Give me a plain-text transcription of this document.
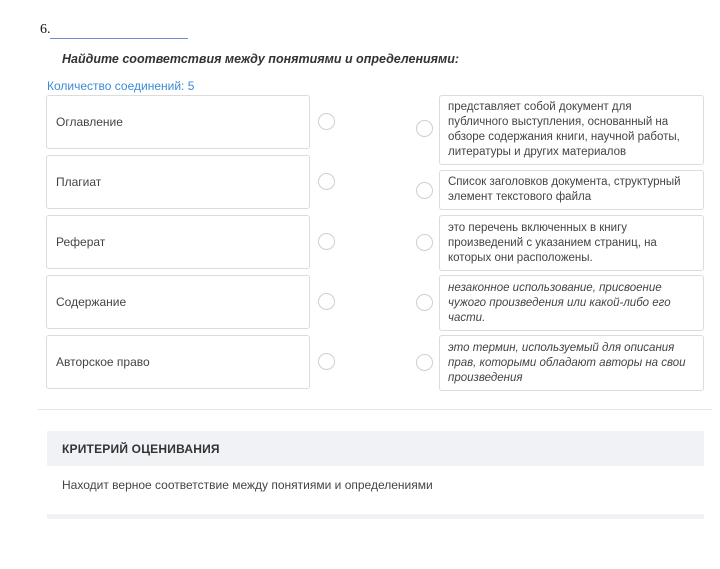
6.
Найдите соответствия между понятиями и определениями:
Количество соединений: 5
Оглавление
Плагиат
Реферат
Содержание
Авторское право
представляет собой документ для публичного выступления, основанный на обзоре содержания книги, научной работы, литературы и других материалов
Список заголовков документа, структурный элемент текстового файла
это перечень включенных в книгу произведений с указанием страниц, на которых они расположены.
незаконное использование, присвоение чужого произведения или какой-либо его части.
это термин, используемый для описания прав, которыми обладают авторы на свои произведения
КРИТЕРИЙ ОЦЕНИВАНИЯ
Находит верное соответствие между понятиями и определениями
